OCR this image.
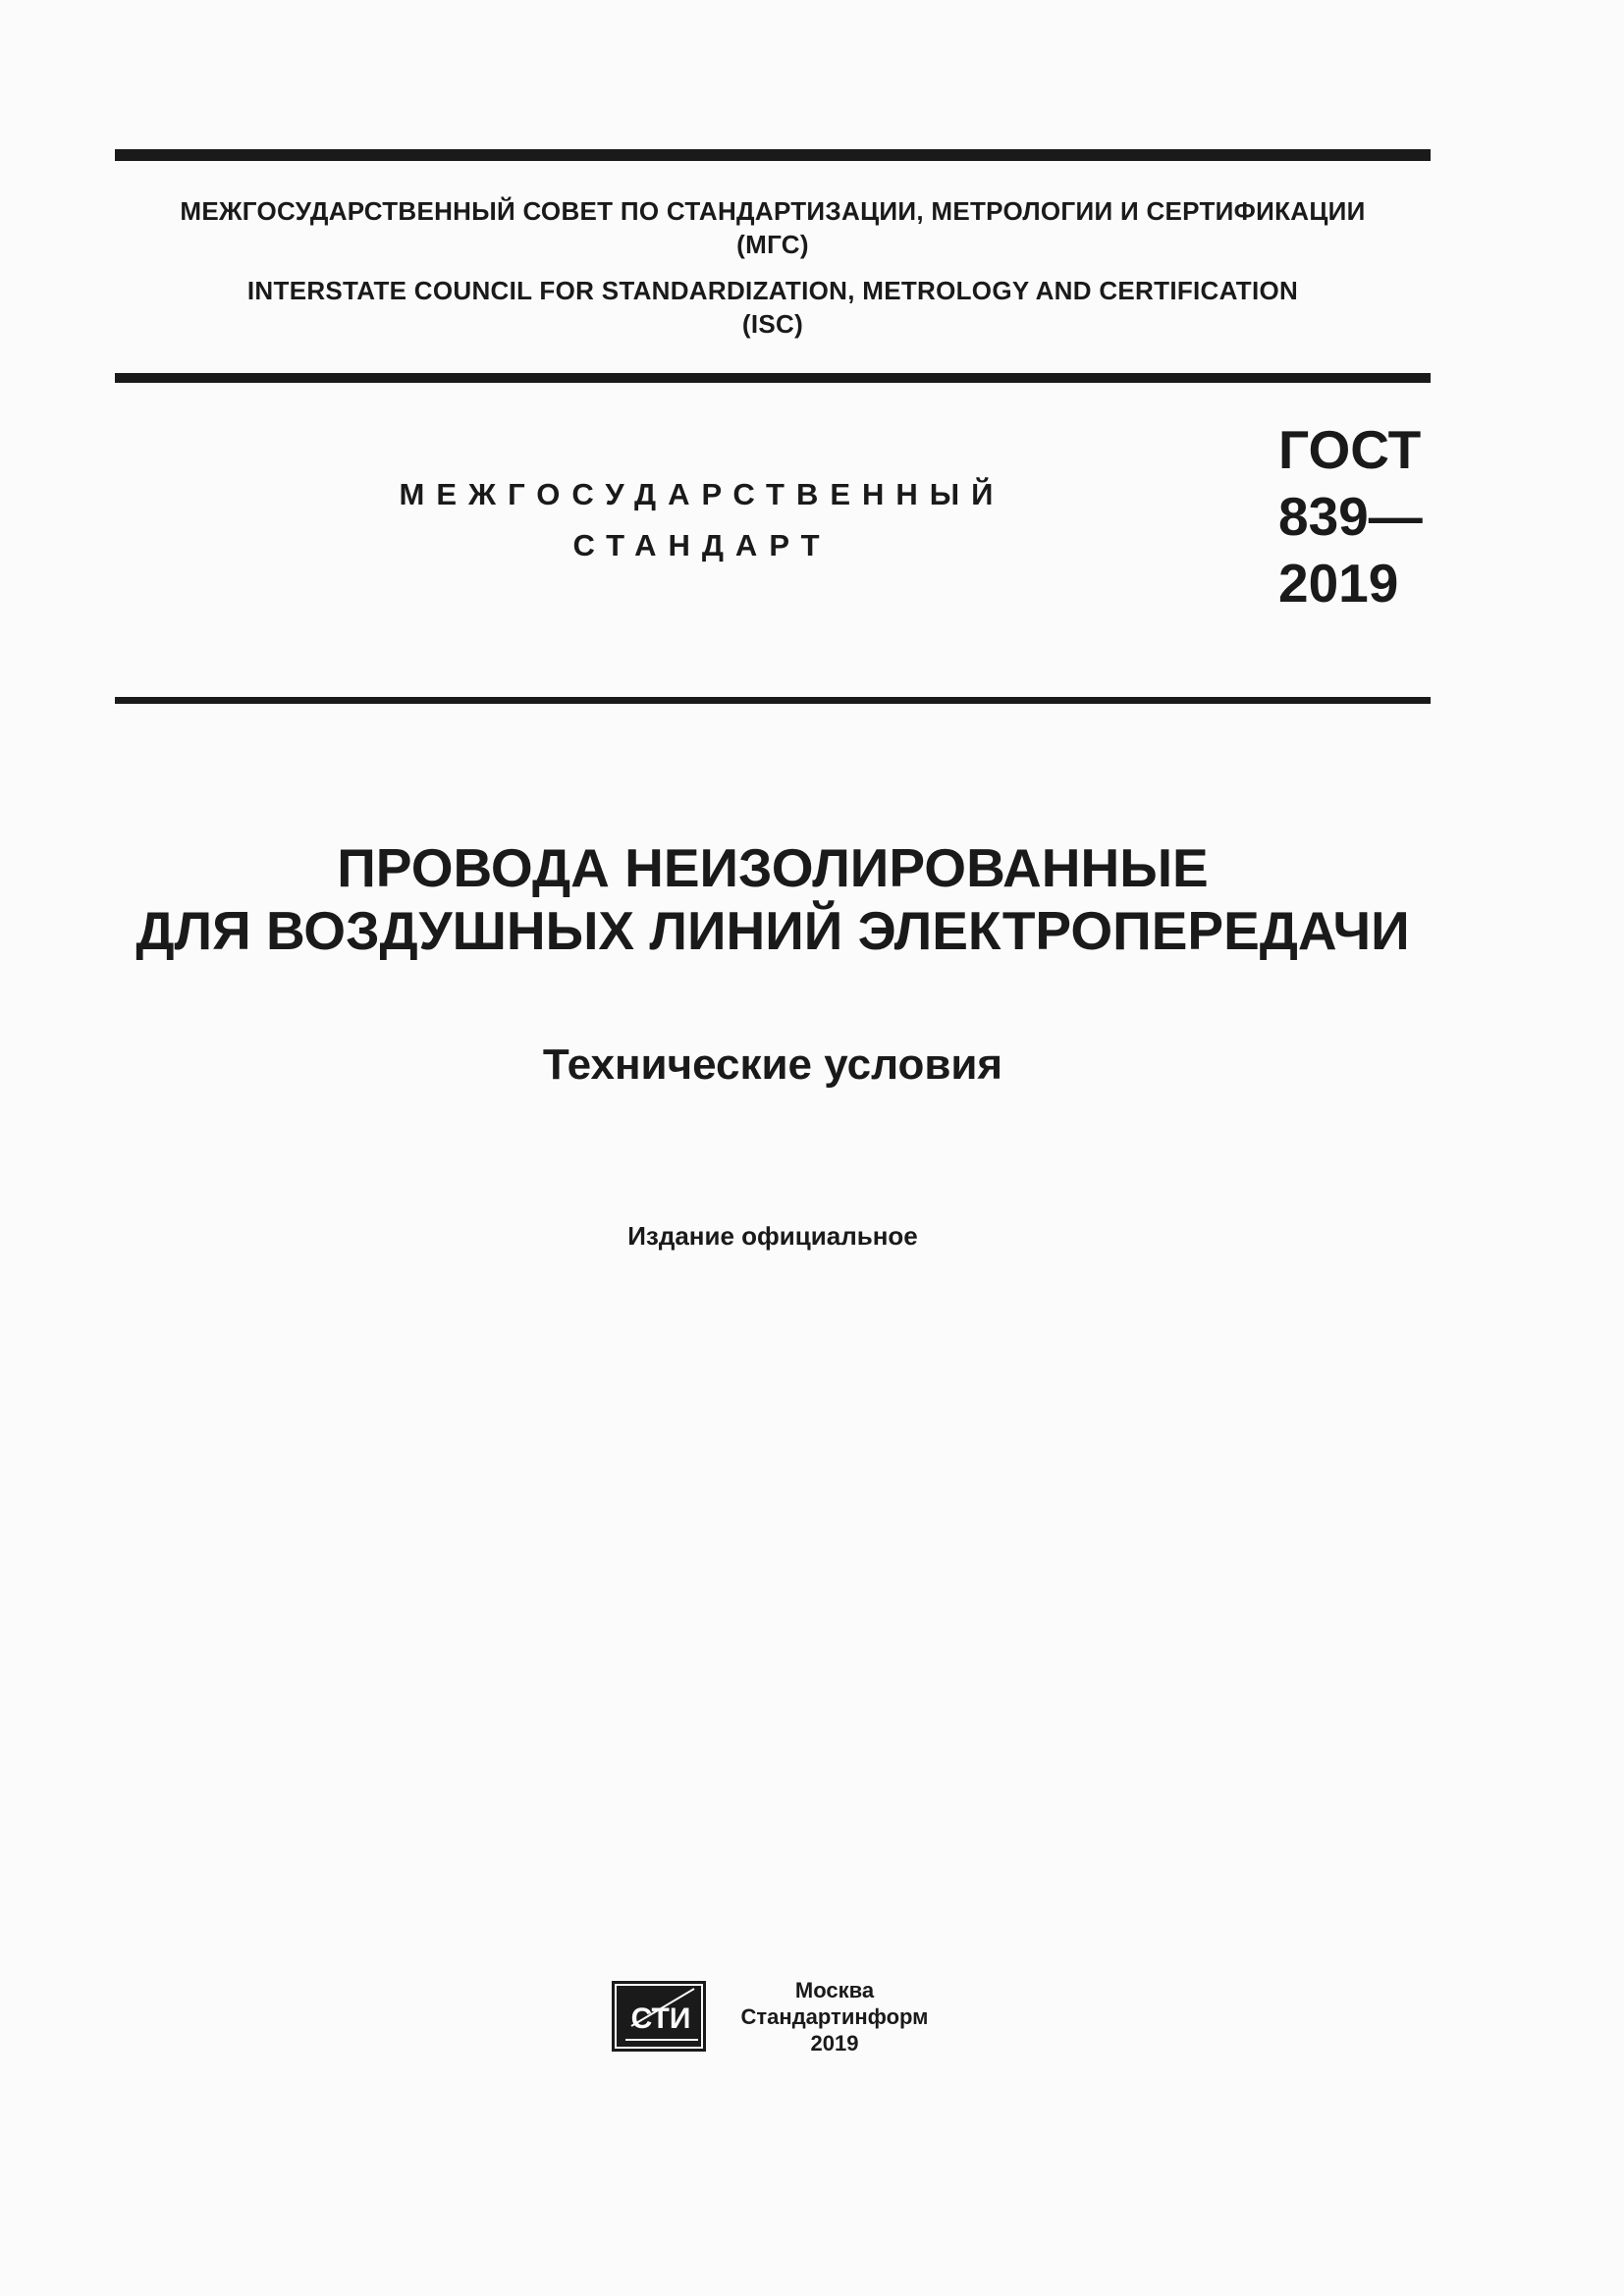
МЕЖГОСУДАРСТВЕННЫЙ СОВЕТ ПО СТАНДАРТИЗАЦИИ, МЕТРОЛОГИИ И СЕРТИФИКАЦИИ
(МГС)
INTERSTATE COUNCIL FOR STANDARDIZATION, METROLOGY AND CERTIFICATION
(ISC)
МЕЖГОСУДАРСТВЕННЫЙ
СТАНДАРТ
ГОСТ
839—
2019
ПРОВОДА НЕИЗОЛИРОВАННЫЕ
ДЛЯ ВОЗДУШНЫХ ЛИНИЙ ЭЛЕКТРОПЕРЕДАЧИ
Технические условия
Издание официальное
СТИ
Москва
Стандартинформ
2019
